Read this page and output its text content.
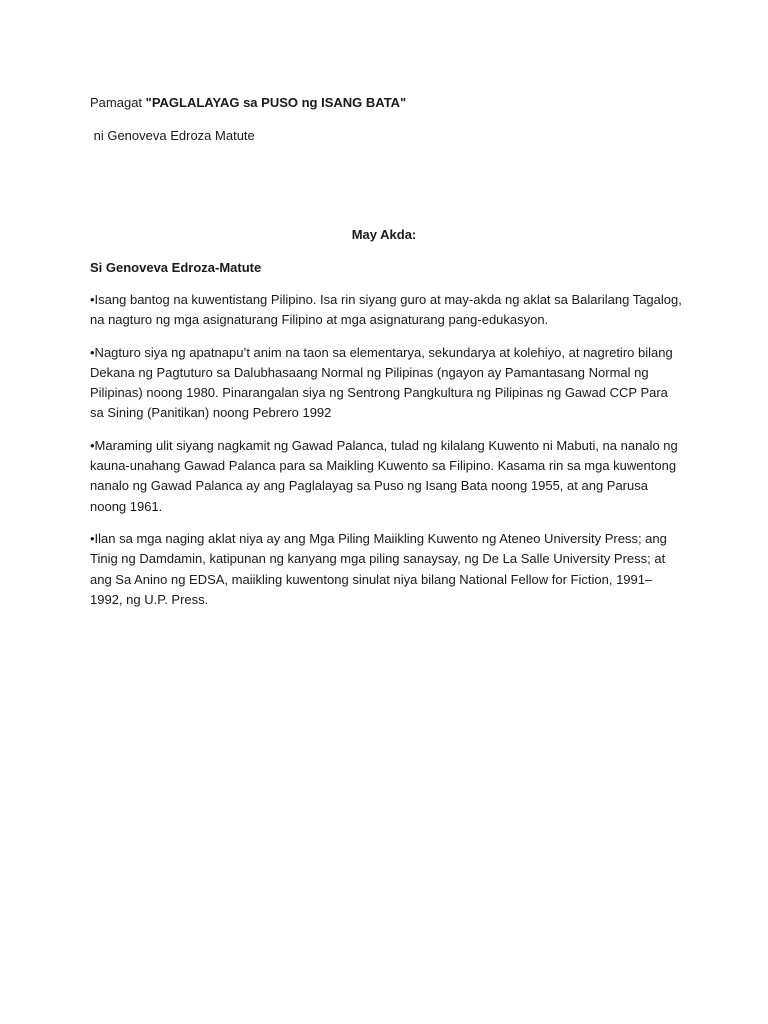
Pamagat "PAGLALAYAG sa PUSO ng ISANG BATA"
ni Genoveva Edroza Matute
May Akda:
Si Genoveva Edroza-Matute

•Isang bantog na kuwentistang Pilipino. Isa rin siyang guro at may-akda ng aklat sa Balarilang Tagalog, na nagturo ng mga asignaturang Filipino at mga asignaturang pang-edukasyon.

•Nagturo siya ng apatnapu’t anim na taon sa elementarya, sekundarya at kolehiyo, at nagretiro bilang Dekana ng Pagtuturo sa Dalubhasaang Normal ng Pilipinas (ngayon ay Pamantasang Normal ng Pilipinas) noong 1980. Pinarangalan siya ng Sentrong Pangkultura ng Pilipinas ng Gawad CCP Para sa Sining (Panitikan) noong Pebrero 1992

•Maraming ulit siyang nagkamit ng Gawad Palanca, tulad ng kilalang Kuwento ni Mabuti, na nanalo ng kauna-unahang Gawad Palanca para sa Maikling Kuwento sa Filipino. Kasama rin sa mga kuwentong nanalo ng Gawad Palanca ay ang Paglalayag sa Puso ng Isang Bata noong 1955, at ang Parusa noong 1961.

•Ilan sa mga naging aklat niya ay ang Mga Piling Maiikling Kuwento ng Ateneo University Press; ang Tinig ng Damdamin, katipunan ng kanyang mga piling sanaysay, ng De La Salle University Press; at ang Sa Anino ng EDSA, maiikling kuwentong sinulat niya bilang National Fellow for Fiction, 1991–1992, ng U.P. Press.
